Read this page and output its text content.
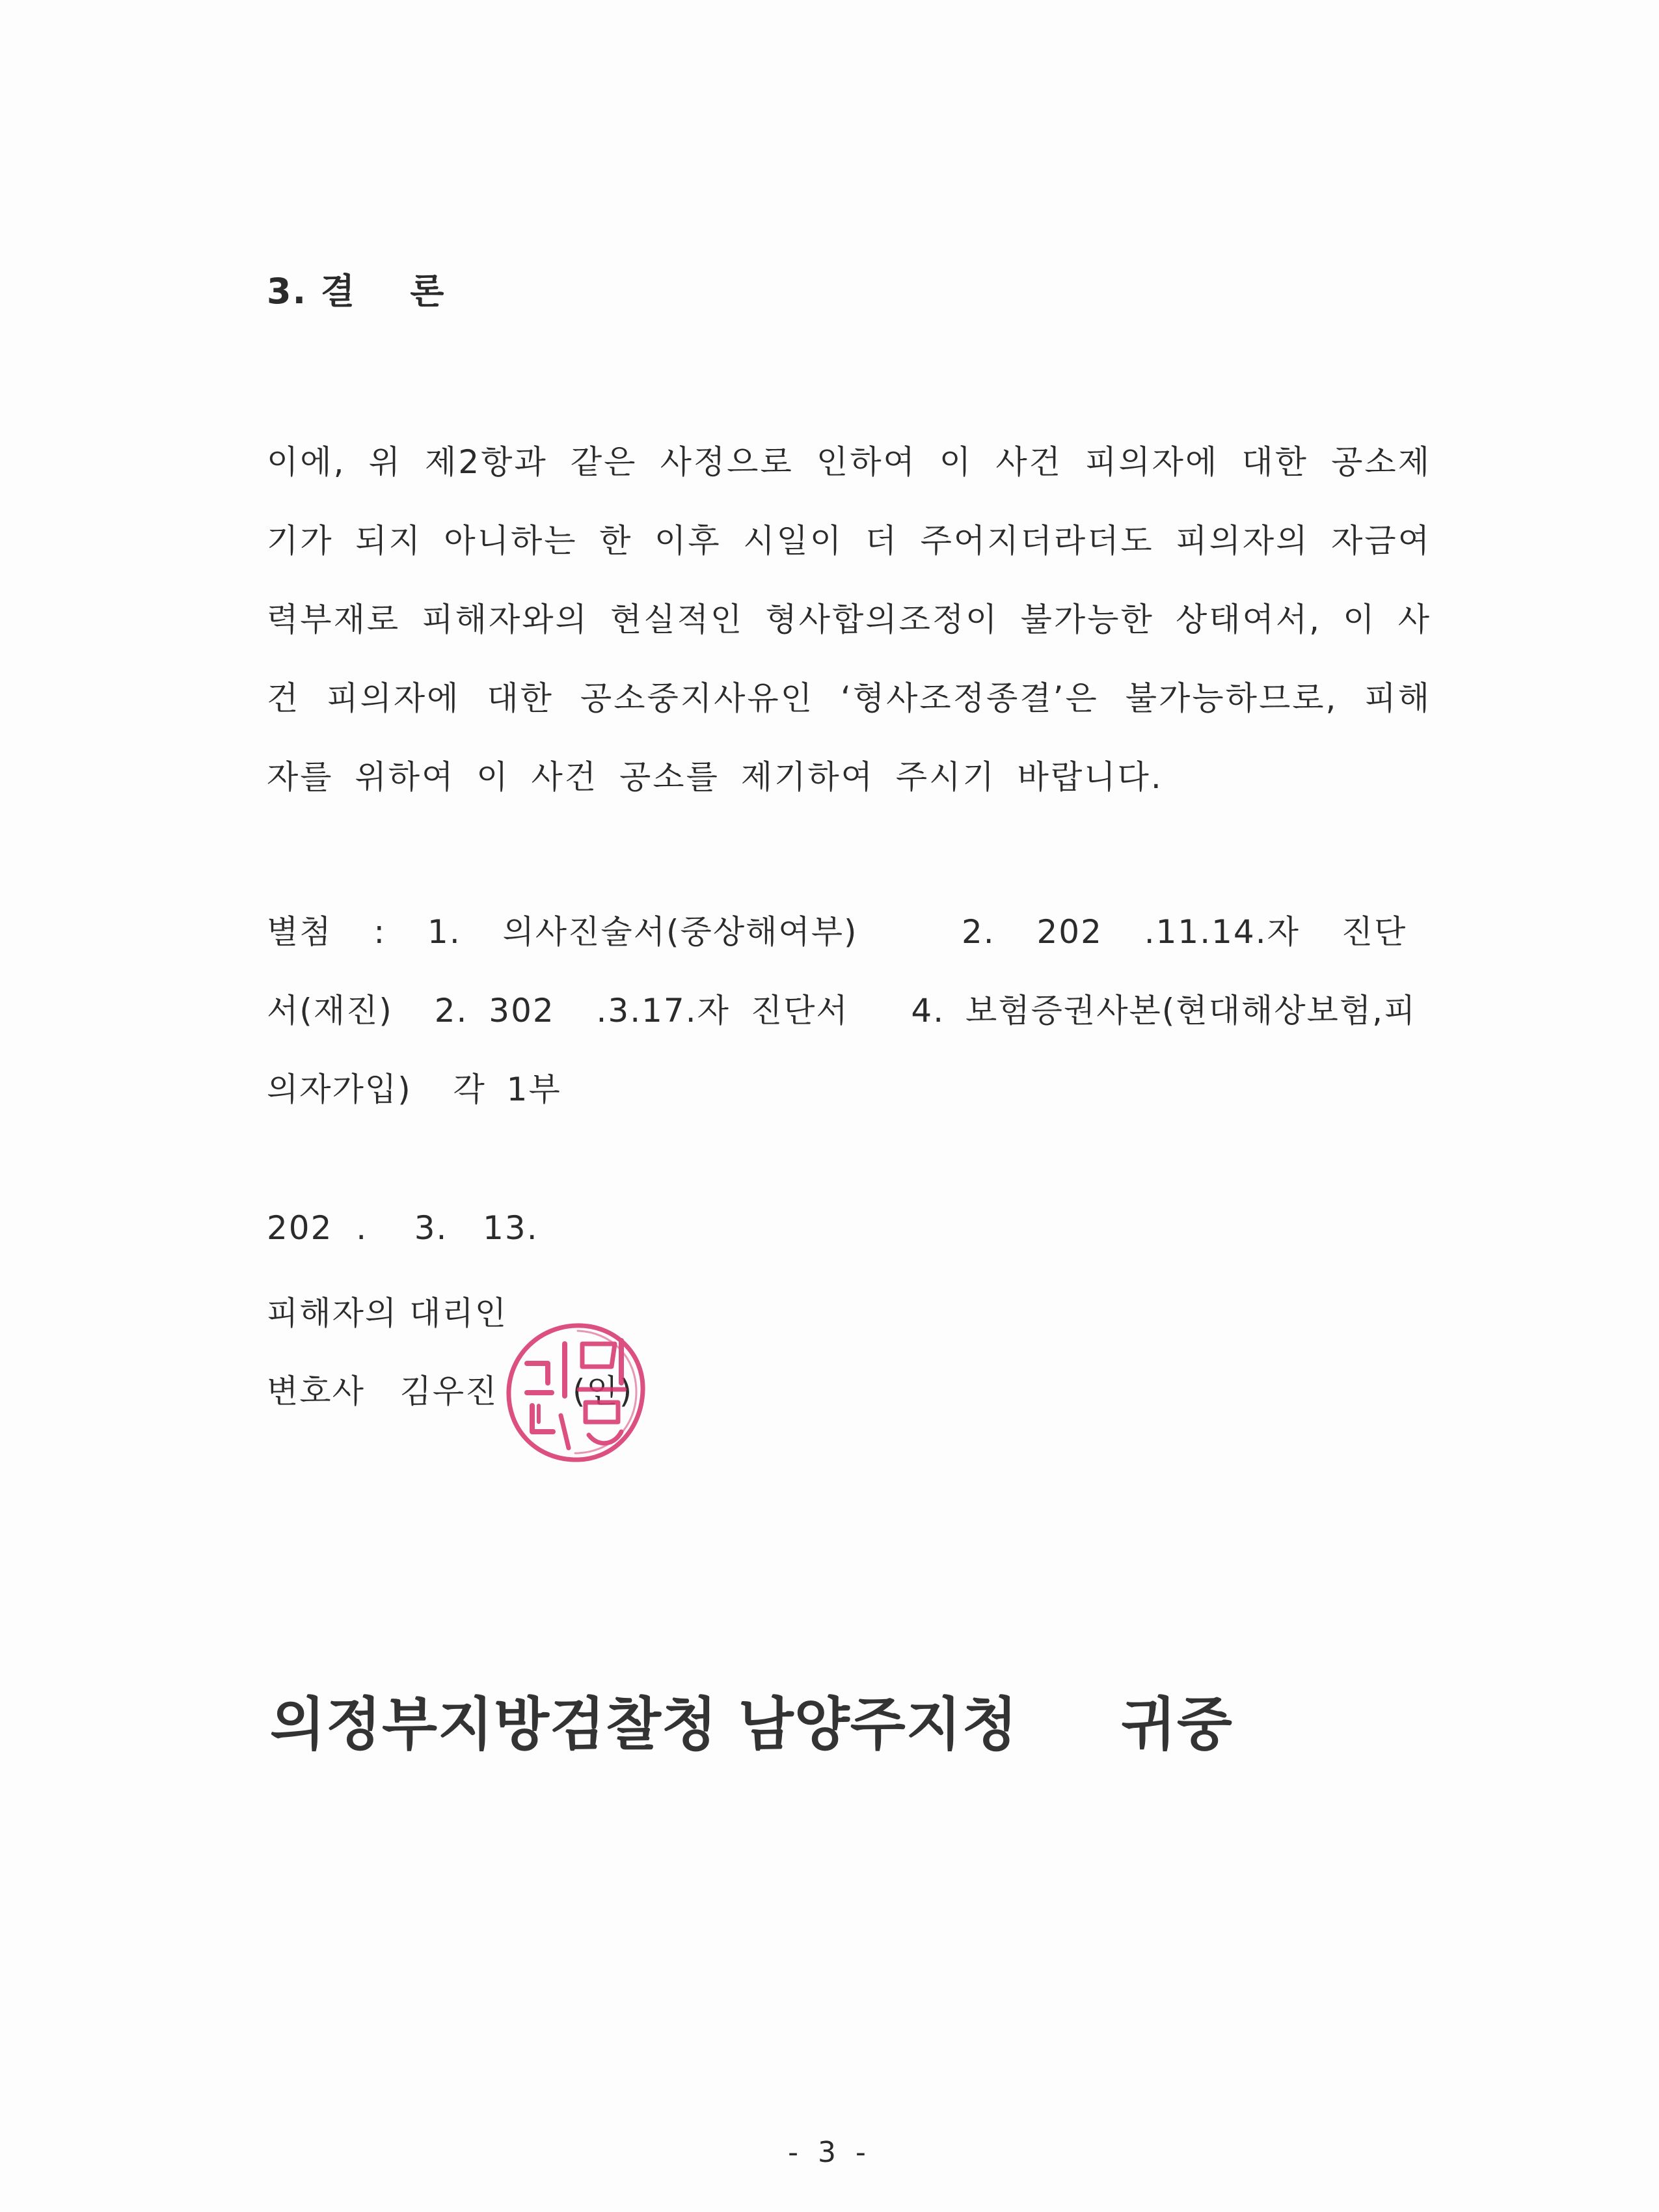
3. 결    론
이에, 위 제2항과 같은 사정으로 인하여 이 사건 피의자에 대한 공소제기가 되지 아니하는 한 이후 시일이 더 주어지더라더도 피의자의 자금여력부재로 피해자와의 현실적인 형사합의조정이 불가능한 상태여서, 이 사건 피의자에 대한 공소중지사유인 ‘형사조정종결’은 불가능하므로, 피해자를 위하여 이 사건 공소를 제기하여 주시기 바랍니다.
별첨  :  1.  의사진술서(중상해여부)     2.  202  .11.14.자  진단서(재진)  2. 302  .3.17.자 진단서   4. 보험증권사본(현대해상보험,피의자가입)  각 1부
202  .    3.   13.
피해자의 대리인
변호사   김우진 (인)
의정부지방검찰청 남양주지청     귀중
- 3 -
